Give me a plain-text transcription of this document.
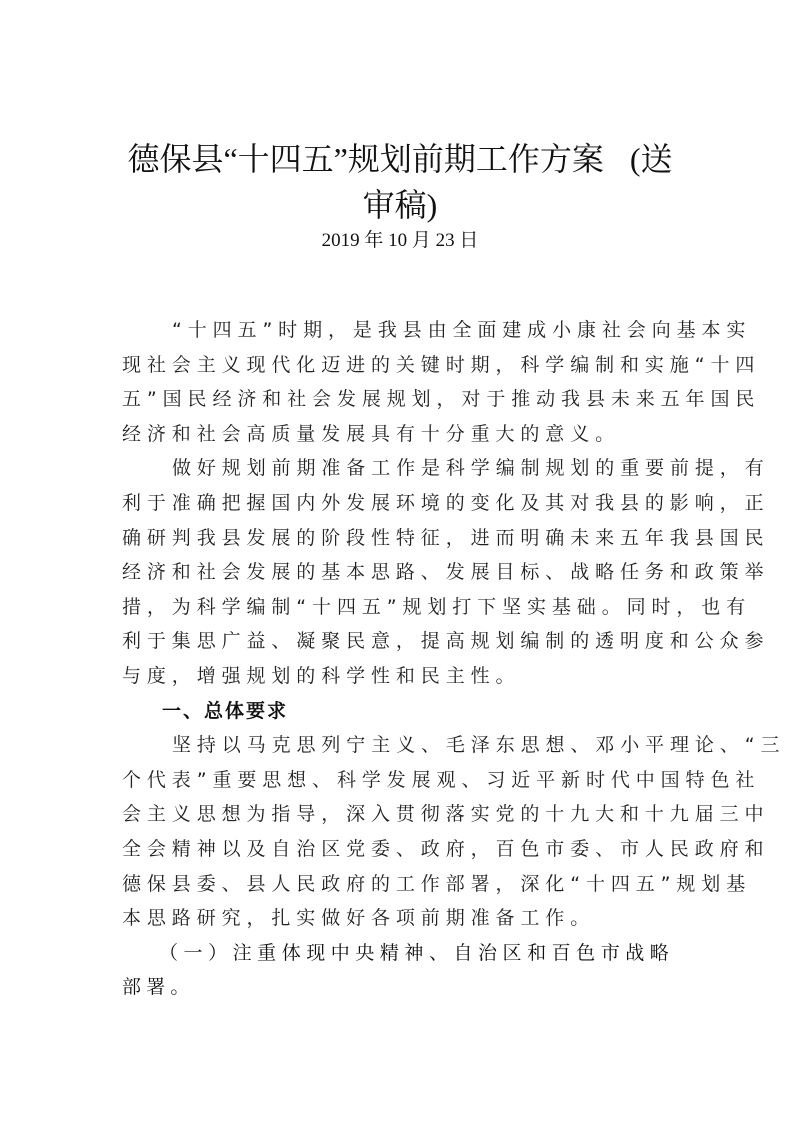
德保县“十四五”规划前期工作方案 (送
审稿)
2019 年 10 月 23 日

“十四五”时期，是我县由全面建成小康社会向基本实
现社会主义现代化迈进的关键时期，科学编制和实施“十四
五”国民经济和社会发展规划，对于推动我县未来五年国民
经济和社会高质量发展具有十分重大的意义。

做好规划前期准备工作是科学编制规划的重要前提，有
利于准确把握国内外发展环境的变化及其对我县的影响，正
确研判我县发展的阶段性特征，进而明确未来五年我县国民
经济和社会发展的基本思路、发展目标、战略任务和政策举
措，为科学编制“十四五”规划打下坚实基础。同时，也有
利于集思广益、凝聚民意，提高规划编制的透明度和公众参
与度，增强规划的科学性和民主性。

一、总体要求

坚持以马克思列宁主义、毛泽东思想、邓小平理论、“三
个代表”重要思想、科学发展观、习近平新时代中国特色社
会主义思想为指导，深入贯彻落实党的十九大和十九届三中
全会精神以及自治区党委、政府，百色市委、市人民政府和
德保县委、县人民政府的工作部署，深化“十四五”规划基
本思路研究，扎实做好各项前期准备工作。

（一）注重体现中央精神、自治区和百色市战略部署。
